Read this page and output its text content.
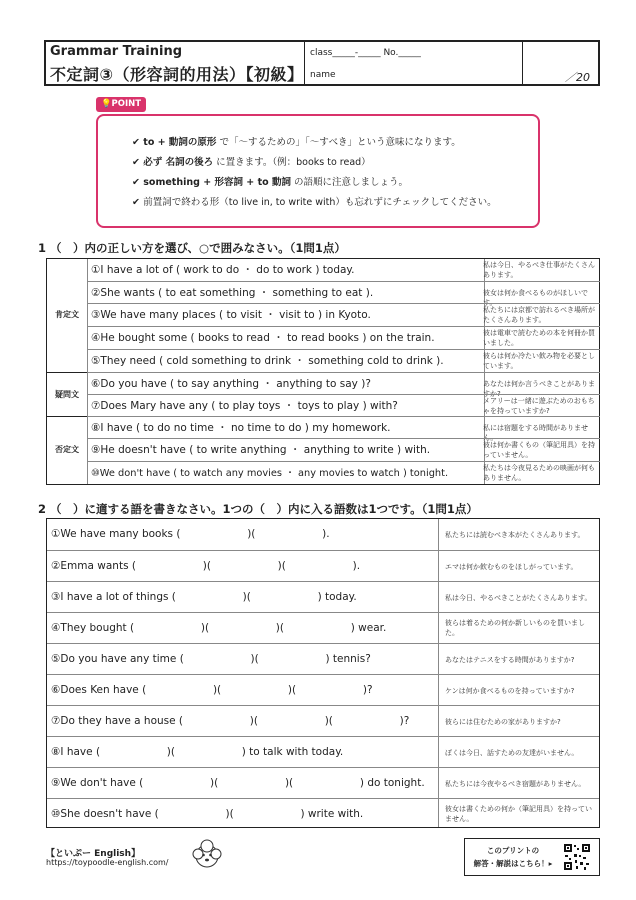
Grammar Training
不定詞③（形容詞的用法）【初級】
class_____-_____ No._____
name	／20
💡POINT
✔ to + 動詞の原形 で「〜するための」「〜すべき」という意味になります。
✔ 必ず 名詞の後ろ に置きます。（例：books to read）
✔ something + 形容詞 + to 動詞 の語順に注意しましょう。
✔ 前置詞で終わる形（to live in, to write with）も忘れずにチェックしてください。
1 （　）内の正しい方を選び、○で囲みなさい。（1問1点）
肯定文
疑問文
否定文
①I have a lot of ( work to do ・ do to work ) today.	私は今日、やるべき仕事がたくさんあります。
②She wants ( to eat something ・ something to eat ).	彼女は何か食べるものがほしいです。
③We have many places ( to visit ・ visit to ) in Kyoto.	私たちには京都で訪れるべき場所がたくさんあります。
④He bought some ( books to read ・ to read books ) on the train.	彼は電車で読むための本を何冊か買いました。
⑤They need ( cold something to drink ・ something cold to drink ).	彼らは何か冷たい飲み物を必要としています。
⑥Do you have ( to say anything ・ anything to say )?	あなたは何か言うべきことがありますか?
⑦Does Mary have any ( to play toys ・ toys to play ) with?	メアリーは一緒に遊ぶためのおもちゃを持っていますか?
⑧I have ( to do no time ・ no time to do ) my homework.	私には宿題をする時間がありません。
⑨He doesn't have ( to write anything ・ anything to write ) with.	彼は何か書くもの（筆記用具）を持っていません。
⑩We don't have ( to watch any movies ・ any movies to watch ) tonight.	私たちは今夜見るための映画が何もありません。
2 （　）に適する語を書きなさい。1つの（　）内に入る語数は1つです。（1問1点）
①We have many books (                    )(                    ).	私たちには読むべき本がたくさんあります。
②Emma wants (                    )(                    )(                    ).	エマは何か飲むものをほしがっています。
③I have a lot of things (                    )(                    ) today.	私は今日、やるべきことがたくさんあります。
④They bought (                    )(                    )(                    ) wear.	彼らは着るための何か新しいものを買いました。
⑤Do you have any time (                    )(                    ) tennis?	あなたはテニスをする時間がありますか?
⑥Does Ken have (                    )(                    )(                    )?	ケンは何か食べるものを持っていますか?
⑦Do they have a house (                    )(                    )(                    )?	彼らには住むための家がありますか?
⑧I have (                    )(                    ) to talk with today.	ぼくは今日、話すための友達がいません。
⑨We don't have (                    )(                    )(                    ) do tonight.	私たちには今夜やるべき宿題がありません。
⑩She doesn't have (                    )(                    ) write with.	彼女は書くための何か（筆記用具）を持っていません。
【といぷー English】
https://toypoodle-english.com/
このプリントの
解答・解説はこちら！▸
